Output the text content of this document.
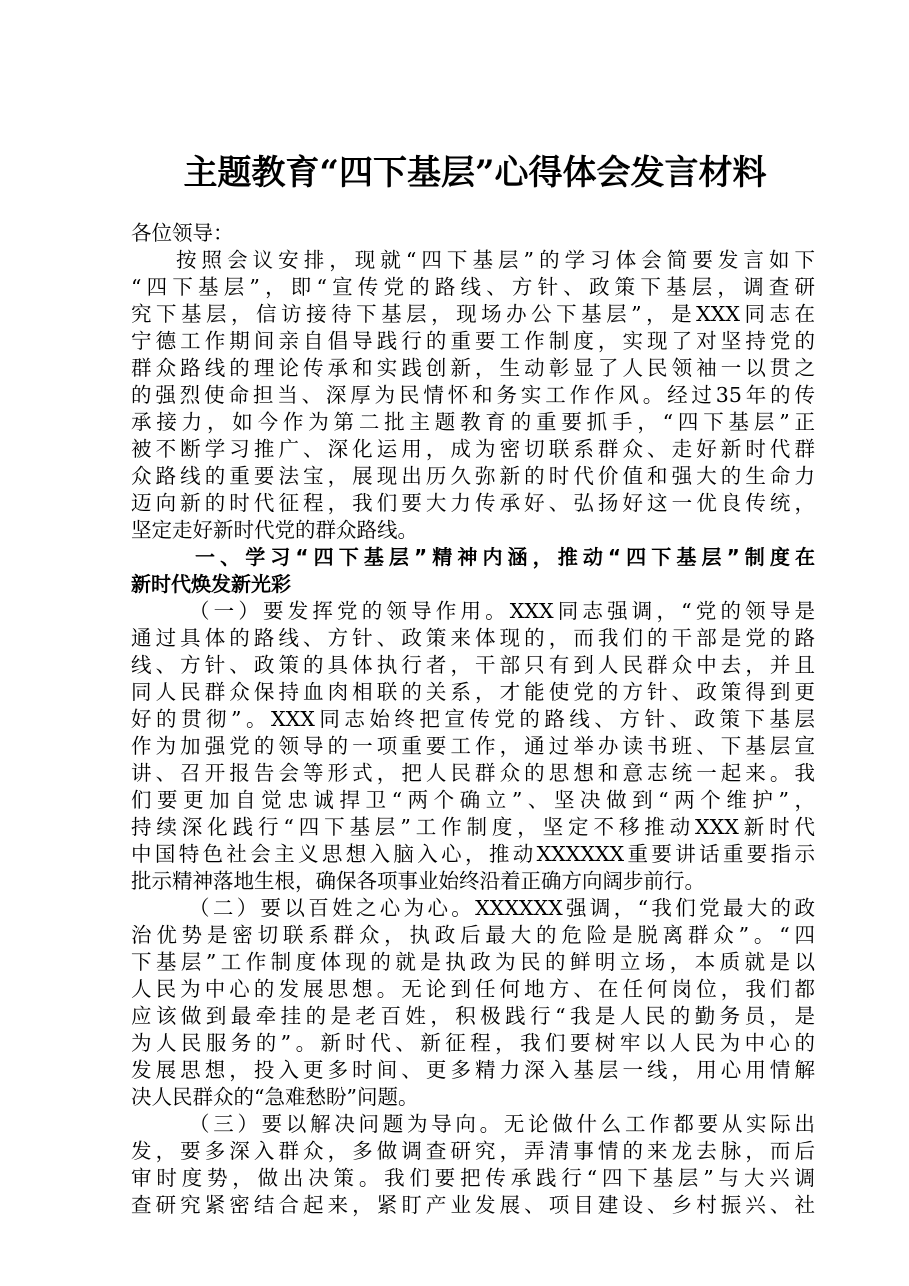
主题教育“四下基层”心得体会发言材料
各位领导：
按照会议安排，现就“四下基层”的学习体会简要发言如下
“四下基层”，即“宣传党的路线、方针、政策下基层，调查研
究下基层，信访接待下基层，现场办公下基层”，是XXX同志在
宁德工作期间亲自倡导践行的重要工作制度，实现了对坚持党的
群众路线的理论传承和实践创新，生动彰显了人民领袖一以贯之
的强烈使命担当、深厚为民情怀和务实工作作风。经过35年的传
承接力，如今作为第二批主题教育的重要抓手，“四下基层”正
被不断学习推广、深化运用，成为密切联系群众、走好新时代群
众路线的重要法宝，展现出历久弥新的时代价值和强大的生命力
迈向新的时代征程，我们要大力传承好、弘扬好这一优良传统，
坚定走好新时代党的群众路线。
一、学习“四下基层”精神内涵，推动“四下基层”制度在
新时代焕发新光彩
（一）要发挥党的领导作用。XXX同志强调，“党的领导是
通过具体的路线、方针、政策来体现的，而我们的干部是党的路
线、方针、政策的具体执行者，干部只有到人民群众中去，并且
同人民群众保持血肉相联的关系，才能使党的方针、政策得到更
好的贯彻”。XXX同志始终把宣传党的路线、方针、政策下基层
作为加强党的领导的一项重要工作，通过举办读书班、下基层宣
讲、召开报告会等形式，把人民群众的思想和意志统一起来。我
们要更加自觉忠诚捍卫“两个确立”、坚决做到“两个维护”，
持续深化践行“四下基层”工作制度，坚定不移推动XXX新时代
中国特色社会主义思想入脑入心，推动XXXXXX重要讲话重要指示
批示精神落地生根，确保各项事业始终沿着正确方向阔步前行。
（二）要以百姓之心为心。XXXXXX强调，“我们党最大的政
治优势是密切联系群众，执政后最大的危险是脱离群众”。“四
下基层”工作制度体现的就是执政为民的鲜明立场，本质就是以
人民为中心的发展思想。无论到任何地方、在任何岗位，我们都
应该做到最牵挂的是老百姓，积极践行“我是人民的勤务员，是
为人民服务的”。新时代、新征程，我们要树牢以人民为中心的
发展思想，投入更多时间、更多精力深入基层一线，用心用情解
决人民群众的“急难愁盼”问题。
（三）要以解决问题为导向。无论做什么工作都要从实际出
发，要多深入群众，多做调查研究，弄清事情的来龙去脉，而后
审时度势，做出决策。我们要把传承践行“四下基层”与大兴调
查研究紧密结合起来，紧盯产业发展、项目建设、乡村振兴、社
